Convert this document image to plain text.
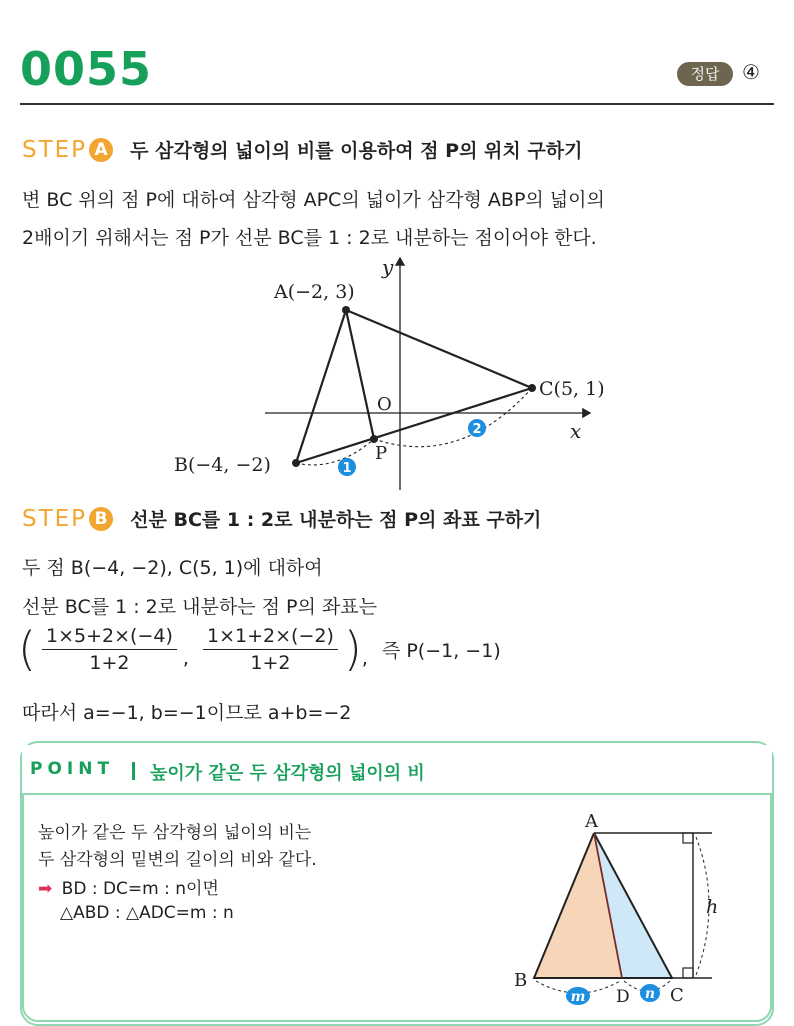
0055	정답	④
STEP A 두 삼각형의 넓이의 비를 이용하여 점 P의 위치 구하기
변 BC 위의 점 P에 대하여 삼각형 APC의 넓이가 삼각형 ABP의 넓이의
2배이기 위해서는 점 P가 선분 BC를 1 : 2로 내분하는 점이어야 한다.
1
2
y
x
O
A(−2, 3)
B(−4, −2)
C(5, 1)
P
STEP B 선분 BC를 1 : 2로 내분하는 점 P의 좌표 구하기
두 점 B(−4, −2), C(5, 1)에 대하여
선분 BC를 1 : 2로 내분하는 점 P의 좌표는
( $\frac{1\times 5+2\times(-4)}{1+2}$ , $\frac{1\times 1+2\times(-2)}{1+2}$ ), 즉 P(−1, −1)
따라서 a=−1, b=−1이므로 a+b=−2
POINT 높이가 같은 두 삼각형의 넓이의 비
높이가 같은 두 삼각형의 넓이의 비는
두 삼각형의 밑변의 길이의 비와 같다.
➡ BD : DC=m : n이면
△ABD : △ADC=m : n
m	n
A
B
C
D
h
